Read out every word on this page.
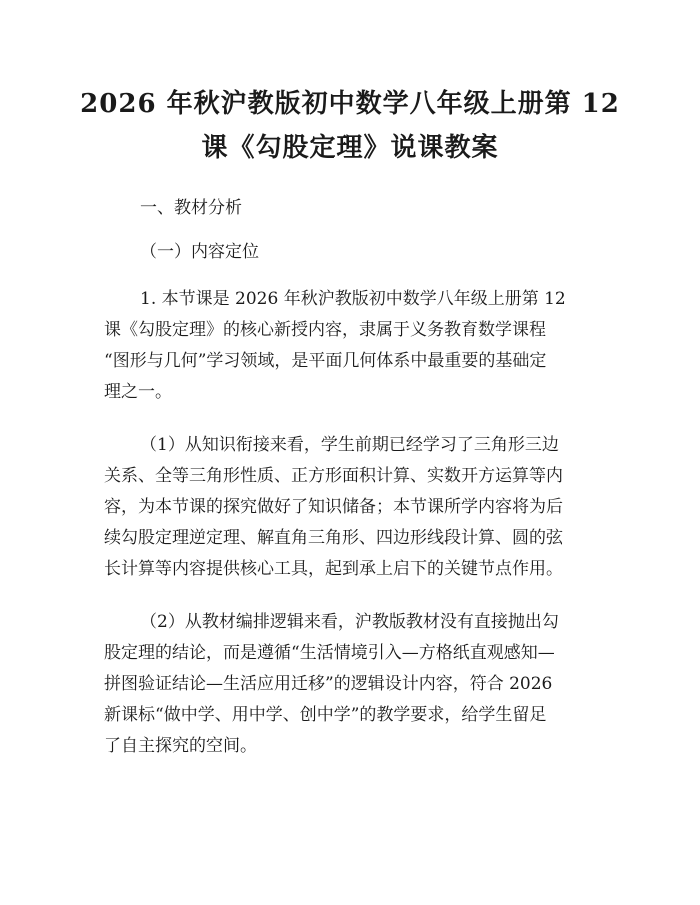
2026 年秋沪教版初中数学八年级上册第 12
课《勾股定理》说课教案
一、教材分析
（一）内容定位
1. 本节课是 2026 年秋沪教版初中数学八年级上册第 12
课《勾股定理》的核心新授内容，隶属于义务教育数学课程
“图形与几何”学习领域，是平面几何体系中最重要的基础定
理之一。
（1）从知识衔接来看，学生前期已经学习了三角形三边
关系、全等三角形性质、正方形面积计算、实数开方运算等内
容，为本节课的探究做好了知识储备；本节课所学内容将为后
续勾股定理逆定理、解直角三角形、四边形线段计算、圆的弦
长计算等内容提供核心工具，起到承上启下的关键节点作用。
（2）从教材编排逻辑来看，沪教版教材没有直接抛出勾
股定理的结论，而是遵循“生活情境引入—方格纸直观感知—
拼图验证结论—生活应用迁移”的逻辑设计内容，符合 2026
新课标“做中学、用中学、创中学”的教学要求，给学生留足
了自主探究的空间。
